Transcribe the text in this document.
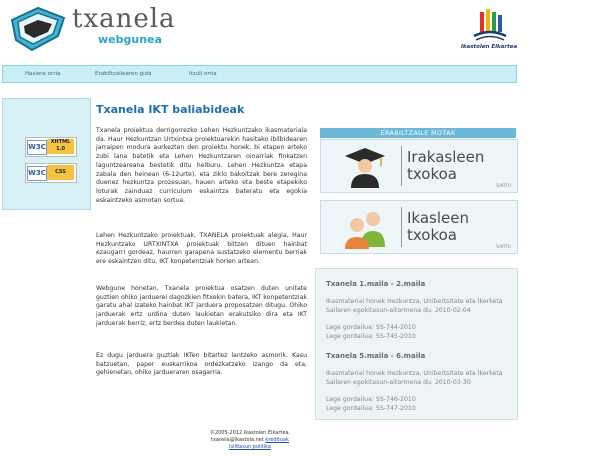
txanela
webgunea
Ikastolen Elkartea
Hasiera orria	Erabiltzailearen gida	Itzuli orria
W3C
XHTML 1.0
W3C	CSS
Txanela IKT baliabideak

Txanela proiektua derrigorrezko Lehen Hezkuntzako ikasmateriala da. Haur Hezkuntzan Urtxintxa proiektuarekin hasitako ibilbidearen jarraipen modura aurkezten den proiektu honek, bi etapen arteko zubi lana batetik eta Lehen Hezkuntzaren oinarriak finkatzen laguntzeareana bestetik ditu helburu. Lehen Hezkuntza etapa zabala den heinean (6-12urte), eta ziklo bakoitzak bere zeregina duenez hezkuntza prozesuan, hauen arteko eta beste etapekiko loturak zainduaz curriculum eskaintza bateratu eta egokia eskaintzeko asmotan sortua.

Lehen Hezkuntzako proiektuak, TXANELA proiektuak alegia, Haur Hezkuntzako URTXINTXA proiektuak biltzen dituen hainbat ezaugarri gordeaz, haurren garapena sustatzeko elementu berriak ere eskaintzen ditu, IKT konpetentziak horien artean.

Webgune honetan, Txanela proiektua osatzen duten unitate guztien ohiko jarduerei dagozkien fitxekin batera, IKT konpetentziak garatu ahal izateko hainbat IKT jarduera proposatzen ditugu. Ohiko jarduerak ertz urdina duten laukietan erakutsiko dira eta IKT jarduerak berriz, ertz berdea duten laukietan.

Ez dugu jarduera guztiak IKTen bitartez lantzeko asmorik. Kasu batzuetan, paper euskarrikoa ordezkatzeko izango da eta, gehienetan, ohiko jardueraren osagarria.

ERABILTZAILE MOTAK
Irakasleen
txokoa
SARTU
Ikasleen
txokoa
SARTU
Txanela 1.maila - 2.maila
Ikasmaterial honek Hezkuntza, Unibertsitate eta Ikerketa Sailaren egokitasun-aitormena du, 2010-02-04
Lege gordailua: SS-744-2010
Lege gordailua: SS-745-2010
Txanela 5.maila - 6.maila
Ikasmaterial honek Hezkuntza, Unibertsitate eta Ikerketa Sailaren egokitasun-aitormena du, 2010-03-30
Lege gordailua: SS-746-2010
Lege gordailua: SS-747-2010
©2005-2012 Ikastolen Elkartea.
txanela@ikastola.net kredituak
Isilltasun politika
